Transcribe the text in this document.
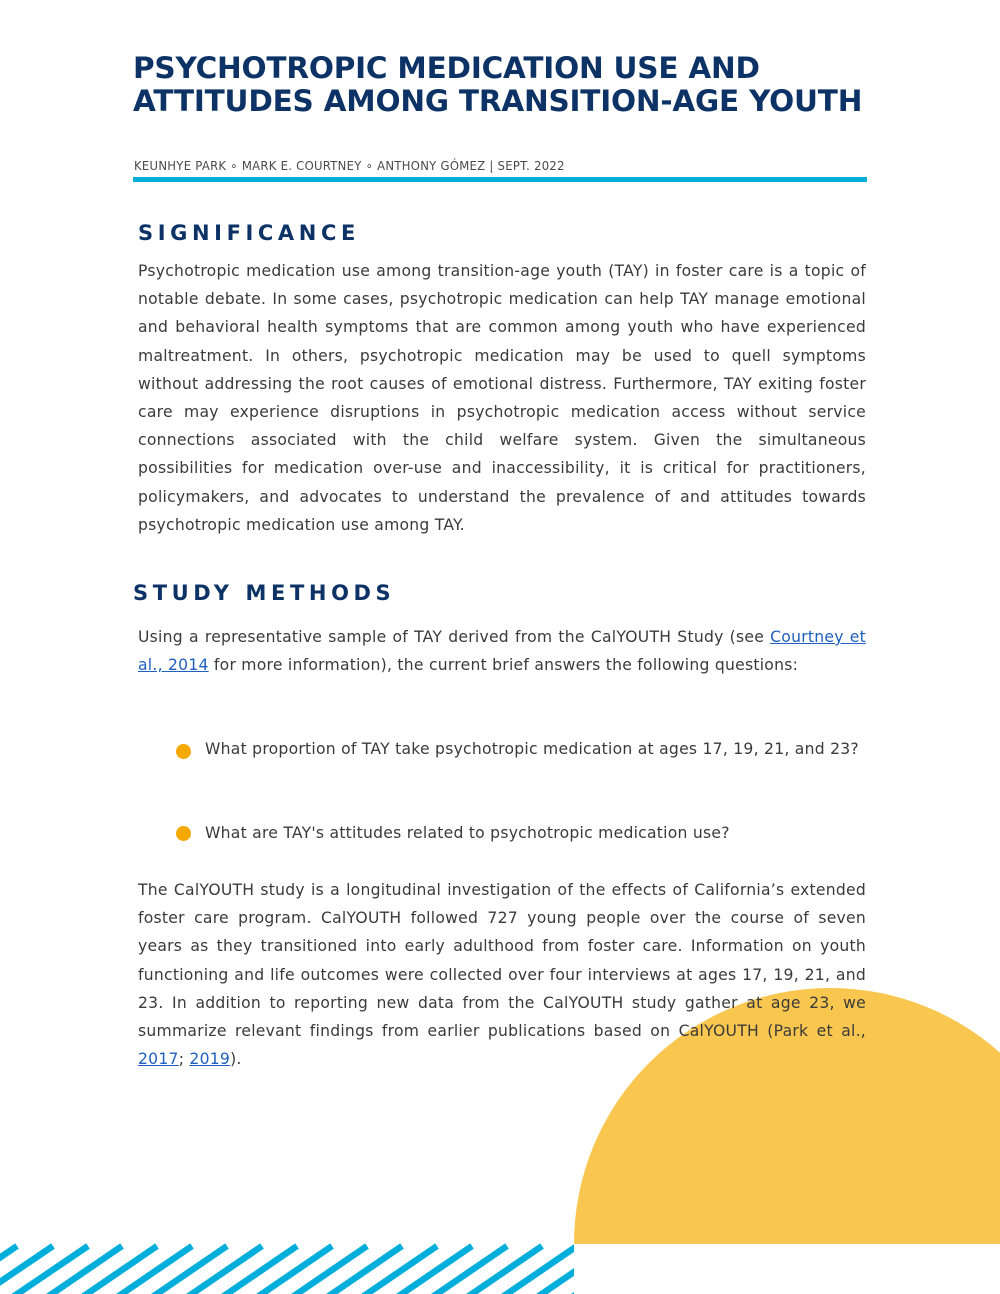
PSYCHOTROPIC MEDICATION USE AND ATTITUDES AMONG TRANSITION-AGE YOUTH
KEUNHYE PARK ∘ MARK E. COURTNEY ∘ ANTHONY GÓMEZ | SEPT. 2022
SIGNIFICANCE

Psychotropic medication use among transition-age youth (TAY) in foster care is a topic of notable debate. In some cases, psychotropic medication can help TAY manage emotional and behavioral health symptoms that are common among youth who have experienced maltreatment. In others, psychotropic medication may be used to quell symptoms without addressing the root causes of emotional distress. Furthermore, TAY exiting foster care may experience disruptions in psychotropic medication access without service connections associated with the child welfare system. Given the simultaneous possibilities for medication over-use and inaccessibility, it is critical for practitioners, policymakers, and advocates to understand the prevalence of and attitudes towards psychotropic medication use among TAY.

STUDY METHODS

Using a representative sample of TAY derived from the CalYOUTH Study (see Courtney et al., 2014 for more information), the current brief answers the following questions:

What proportion of TAY take psychotropic medication at ages 17, 19, 21, and 23?
What are TAY's attitudes related to psychotropic medication use?

The CalYOUTH study is a longitudinal investigation of the effects of California’s extended foster care program. CalYOUTH followed 727 young people over the course of seven years as they transitioned into early adulthood from foster care. Information on youth functioning and life outcomes were collected over four interviews at ages 17, 19, 21, and 23. In addition to reporting new data from the CalYOUTH study gather at age 23, we summarize relevant findings from earlier publications based on CalYOUTH (Park et al., 2017; 2019).
